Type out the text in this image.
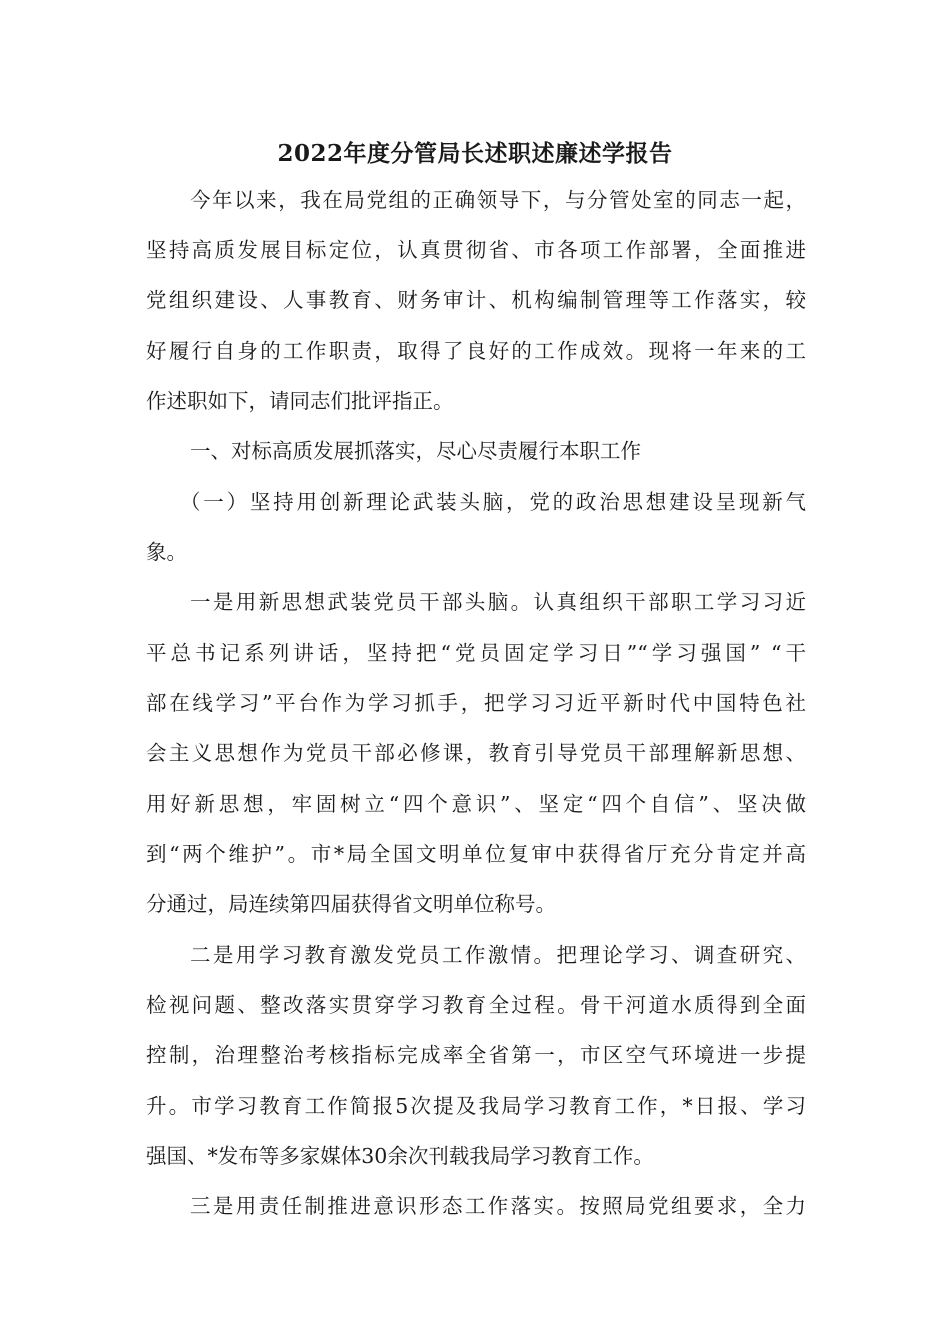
2022年度分管局长述职述廉述学报告
今年以来，我在局党组的正确领导下，与分管处室的同志一起，
坚持高质发展目标定位，认真贯彻省、市各项工作部署，全面推进
党组织建设、人事教育、财务审计、机构编制管理等工作落实，较
好履行自身的工作职责，取得了良好的工作成效。现将一年来的工
作述职如下，请同志们批评指正。
一、对标高质发展抓落实，尽心尽责履行本职工作
（一）坚持用创新理论武装头脑，党的政治思想建设呈现新气
象。
一是用新思想武装党员干部头脑。认真组织干部职工学习习近
平总书记系列讲话，坚持把“党员固定学习日”“学习强国” “干
部在线学习”平台作为学习抓手，把学习习近平新时代中国特色社
会主义思想作为党员干部必修课，教育引导党员干部理解新思想、
用好新思想，牢固树立“四个意识”、坚定“四个自信”、坚决做
到“两个维护”。市*局全国文明单位复审中获得省厅充分肯定并高
分通过，局连续第四届获得省文明单位称号。
二是用学习教育激发党员工作激情。把理论学习、调查研究、
检视问题、整改落实贯穿学习教育全过程。骨干河道水质得到全面
控制，治理整治考核指标完成率全省第一，市区空气环境进一步提
升。市学习教育工作简报5次提及我局学习教育工作，*日报、学习
强国、*发布等多家媒体30余次刊载我局学习教育工作。
三是用责任制推进意识形态工作落实。按照局党组要求，全力
